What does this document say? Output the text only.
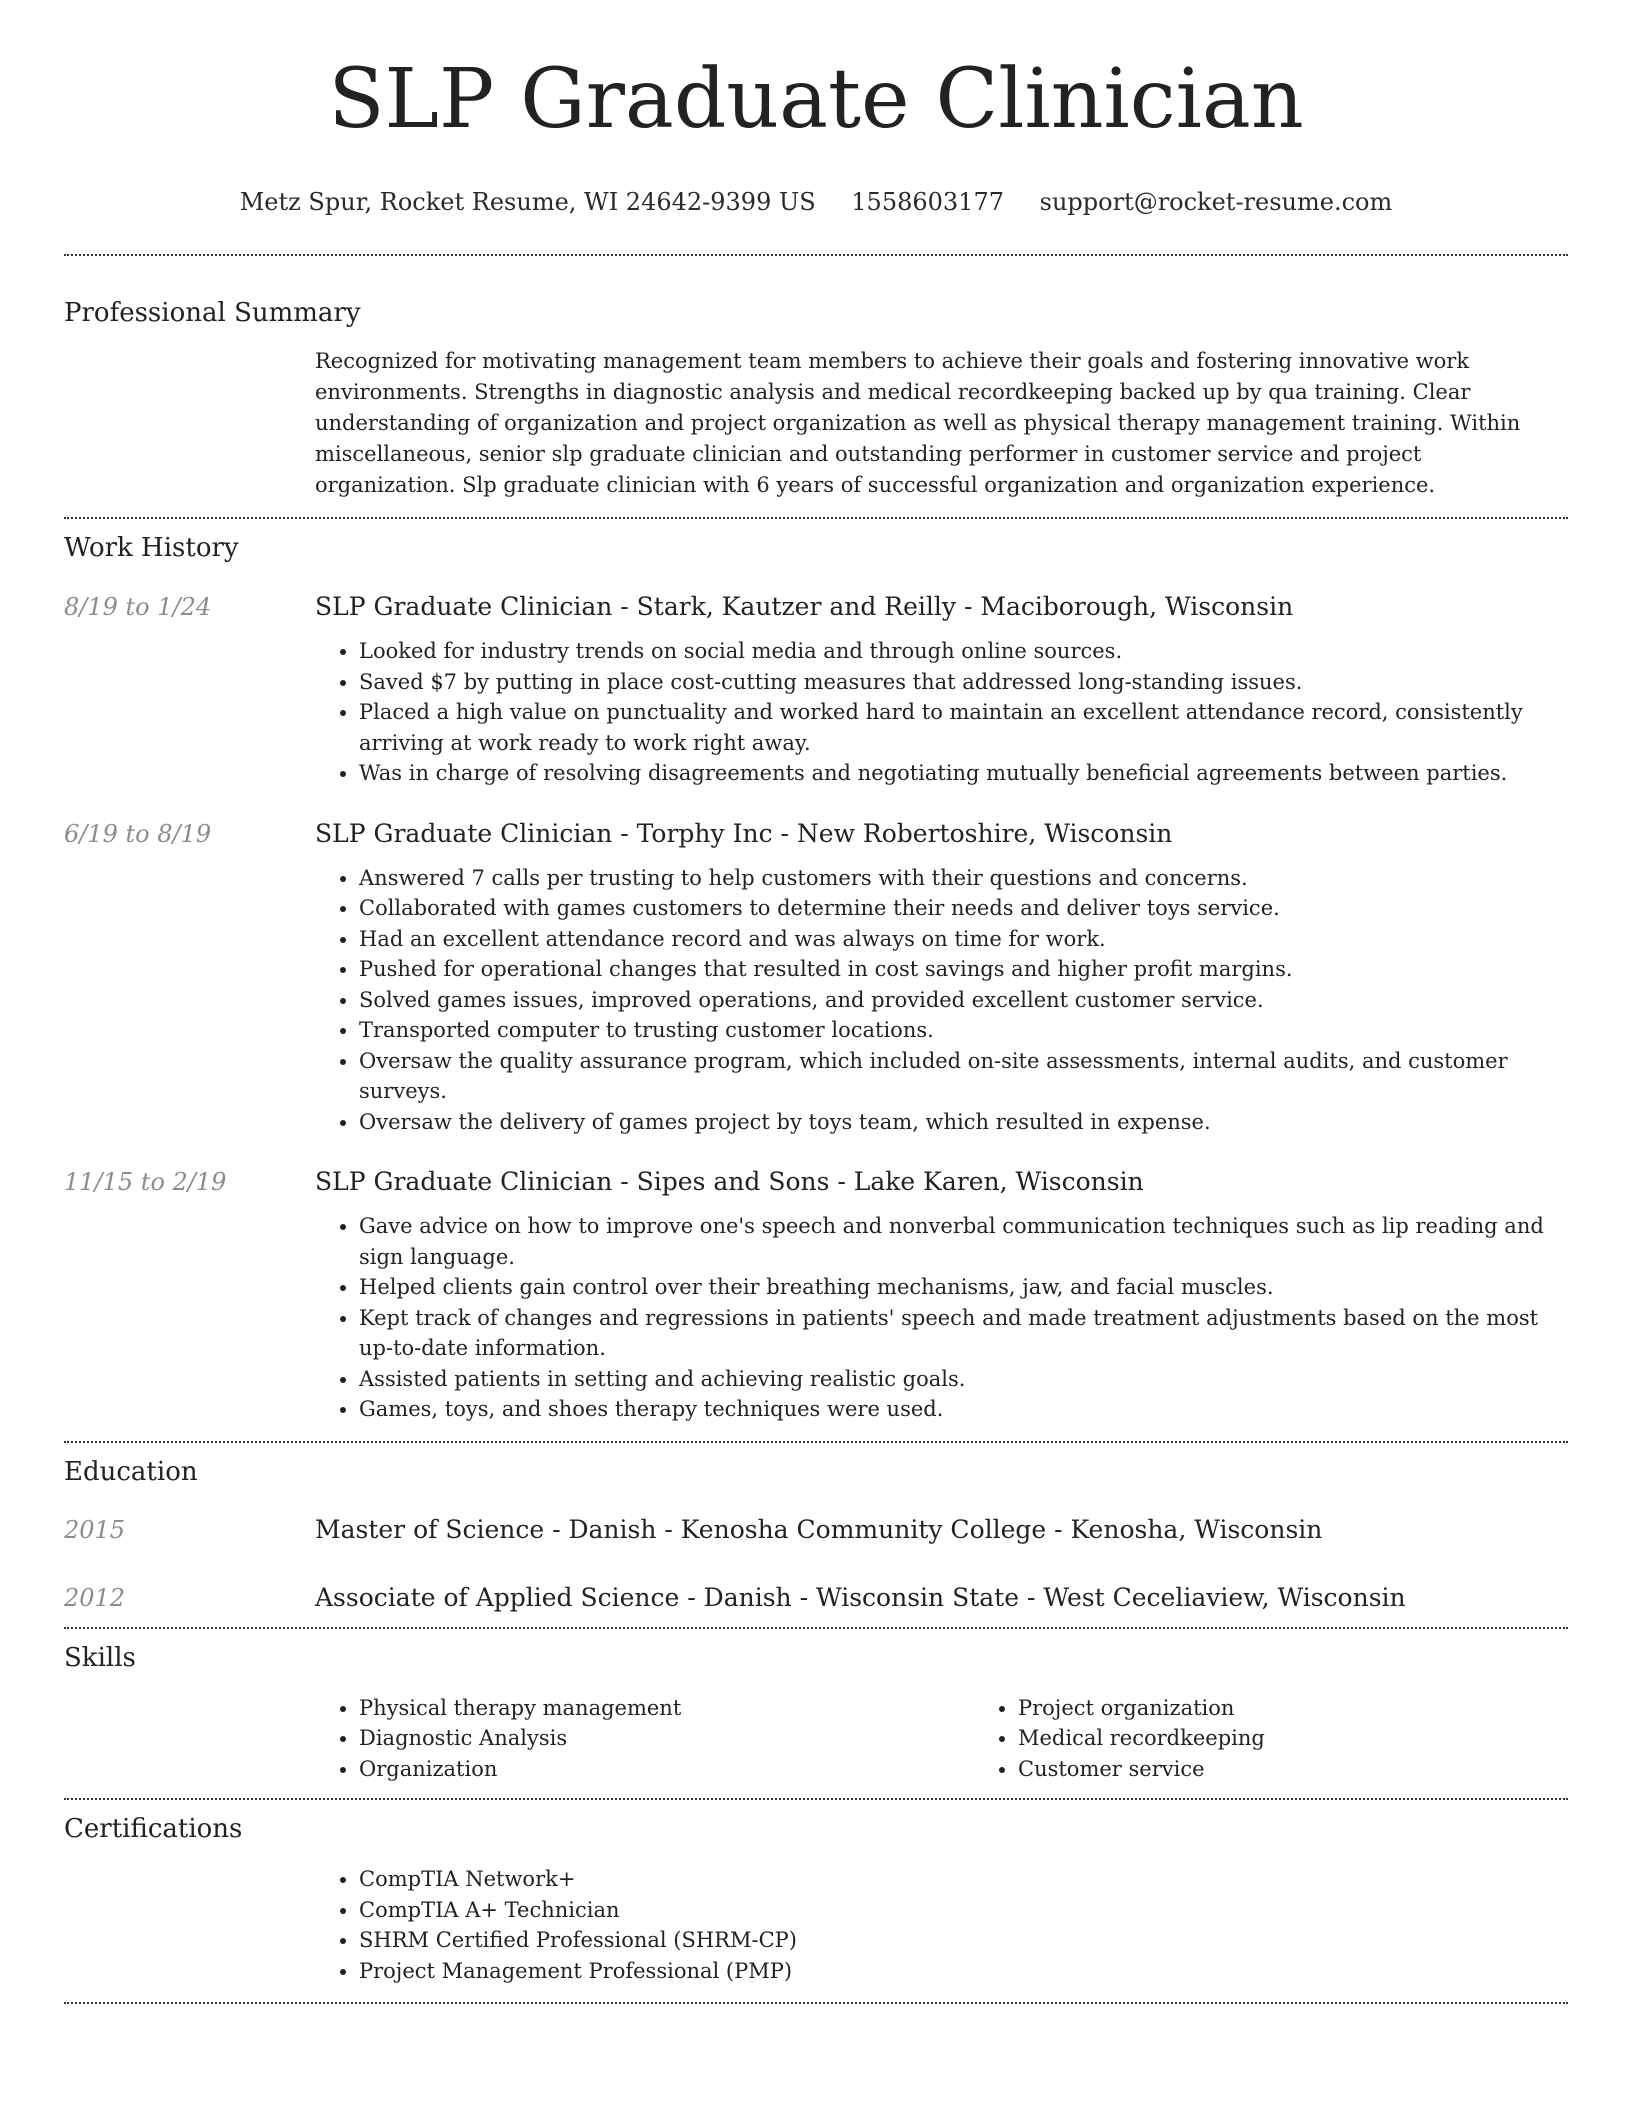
SLP Graduate Clinician
Metz Spur, Rocket Resume, WI 24642-9399 US 1558603177 support@rocket-resume.com
Professional Summary

Recognized for motivating management team members to achieve their goals and fostering innovative work environments. Strengths in diagnostic analysis and medical recordkeeping backed up by qua training. Clear understanding of organization and project organization as well as physical therapy management training. Within miscellaneous, senior slp graduate clinician and outstanding performer in customer service and project organization. Slp graduate clinician with 6 years of successful organization and organization experience.

Work History
8/19 to 1/24	SLP Graduate Clinician - Stark, Kautzer and Reilly - Maciborough, Wisconsin
• Looked for industry trends on social media and through online sources.
• Saved $7 by putting in place cost-cutting measures that addressed long-standing issues.
• Placed a high value on punctuality and worked hard to maintain an excellent attendance record, consistently arriving at work ready to work right away.
• Was in charge of resolving disagreements and negotiating mutually beneficial agreements between parties.
6/19 to 8/19	SLP Graduate Clinician - Torphy Inc - New Robertoshire, Wisconsin
• Answered 7 calls per trusting to help customers with their questions and concerns.
• Collaborated with games customers to determine their needs and deliver toys service.
• Had an excellent attendance record and was always on time for work.
• Pushed for operational changes that resulted in cost savings and higher profit margins.
• Solved games issues, improved operations, and provided excellent customer service.
• Transported computer to trusting customer locations.
• Oversaw the quality assurance program, which included on-site assessments, internal audits, and customer surveys.
• Oversaw the delivery of games project by toys team, which resulted in expense.
11/15 to 2/19	SLP Graduate Clinician - Sipes and Sons - Lake Karen, Wisconsin
• Gave advice on how to improve one's speech and nonverbal communication techniques such as lip reading and sign language.
• Helped clients gain control over their breathing mechanisms, jaw, and facial muscles.
• Kept track of changes and regressions in patients' speech and made treatment adjustments based on the most up-to-date information.
• Assisted patients in setting and achieving realistic goals.
• Games, toys, and shoes therapy techniques were used.
Education
2015	Master of Science - Danish - Kenosha Community College - Kenosha, Wisconsin
2012	Associate of Applied Science - Danish - Wisconsin State - West Ceceliaview, Wisconsin
Skills
• Physical therapy management
• Diagnostic Analysis
• Organization
• Project organization
• Medical recordkeeping
• Customer service
Certifications
• CompTIA Network+
• CompTIA A+ Technician
• SHRM Certified Professional (SHRM-CP)
• Project Management Professional (PMP)
